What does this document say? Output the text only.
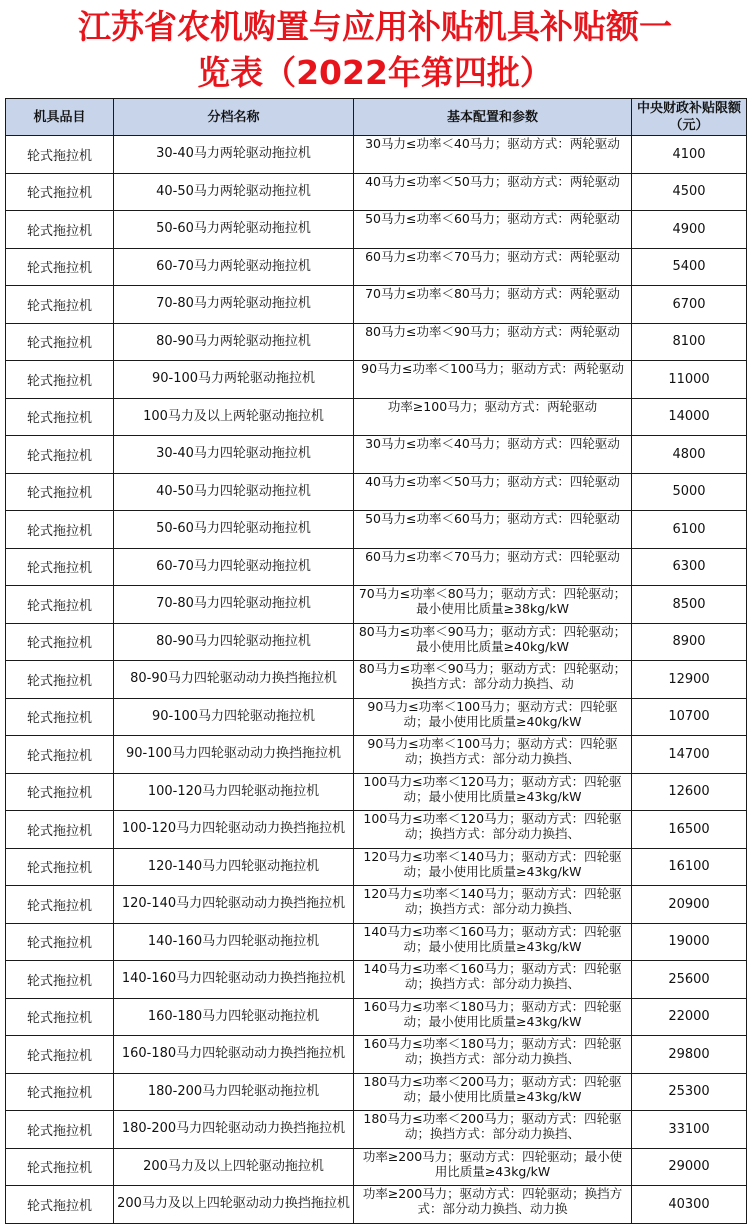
江苏省农机购置与应用补贴机具补贴额一
览表（2022年第四批）
机具品目	分档名称	基本配置和参数	中央财政补贴限额（元）
轮式拖拉机	30-40马力两轮驱动拖拉机	30马力≤功率＜40马力；驱动方式：两轮驱动	4100
轮式拖拉机	40-50马力两轮驱动拖拉机	40马力≤功率＜50马力；驱动方式：两轮驱动	4500
轮式拖拉机	50-60马力两轮驱动拖拉机	50马力≤功率＜60马力；驱动方式：两轮驱动	4900
轮式拖拉机	60-70马力两轮驱动拖拉机	60马力≤功率＜70马力；驱动方式：两轮驱动	5400
轮式拖拉机	70-80马力两轮驱动拖拉机	70马力≤功率＜80马力；驱动方式：两轮驱动	6700
轮式拖拉机	80-90马力两轮驱动拖拉机	80马力≤功率＜90马力；驱动方式：两轮驱动	8100
轮式拖拉机	90-100马力两轮驱动拖拉机	90马力≤功率＜100马力；驱动方式：两轮驱动	11000
轮式拖拉机	100马力及以上两轮驱动拖拉机	功率≥100马力；驱动方式：两轮驱动	14000
轮式拖拉机	30-40马力四轮驱动拖拉机	30马力≤功率＜40马力；驱动方式：四轮驱动	4800
轮式拖拉机	40-50马力四轮驱动拖拉机	40马力≤功率＜50马力；驱动方式：四轮驱动	5000
轮式拖拉机	50-60马力四轮驱动拖拉机	50马力≤功率＜60马力；驱动方式：四轮驱动	6100
轮式拖拉机	60-70马力四轮驱动拖拉机	60马力≤功率＜70马力；驱动方式：四轮驱动	6300
轮式拖拉机	70-80马力四轮驱动拖拉机	70马力≤功率＜80马力；驱动方式：四轮驱动；最小使用比质量≥38kg/kW	8500
轮式拖拉机	80-90马力四轮驱动拖拉机	80马力≤功率＜90马力；驱动方式：四轮驱动；最小使用比质量≥40kg/kW	8900
轮式拖拉机	80-90马力四轮驱动动力换挡拖拉机	80马力≤功率＜90马力；驱动方式：四轮驱动；换挡方式：部分动力换挡、动	12900
轮式拖拉机	90-100马力四轮驱动拖拉机	90马力≤功率＜100马力；驱动方式：四轮驱动；最小使用比质量≥40kg/kW	10700
轮式拖拉机	90-100马力四轮驱动动力换挡拖拉机	90马力≤功率＜100马力；驱动方式：四轮驱动；换挡方式：部分动力换挡、	14700
轮式拖拉机	100-120马力四轮驱动拖拉机	100马力≤功率＜120马力；驱动方式：四轮驱动；最小使用比质量≥43kg/kW	12600
轮式拖拉机	100-120马力四轮驱动动力换挡拖拉机	100马力≤功率＜120马力；驱动方式：四轮驱动；换挡方式：部分动力换挡、	16500
轮式拖拉机	120-140马力四轮驱动拖拉机	120马力≤功率＜140马力；驱动方式：四轮驱动；最小使用比质量≥43kg/kW	16100
轮式拖拉机	120-140马力四轮驱动动力换挡拖拉机	120马力≤功率＜140马力；驱动方式：四轮驱动；换挡方式：部分动力换挡、	20900
轮式拖拉机	140-160马力四轮驱动拖拉机	140马力≤功率＜160马力；驱动方式：四轮驱动；最小使用比质量≥43kg/kW	19000
轮式拖拉机	140-160马力四轮驱动动力换挡拖拉机	140马力≤功率＜160马力；驱动方式：四轮驱动；换挡方式：部分动力换挡、	25600
轮式拖拉机	160-180马力四轮驱动拖拉机	160马力≤功率＜180马力；驱动方式：四轮驱动；最小使用比质量≥43kg/kW	22000
轮式拖拉机	160-180马力四轮驱动动力换挡拖拉机	160马力≤功率＜180马力；驱动方式：四轮驱动；换挡方式：部分动力换挡、	29800
轮式拖拉机	180-200马力四轮驱动拖拉机	180马力≤功率＜200马力；驱动方式：四轮驱动；最小使用比质量≥43kg/kW	25300
轮式拖拉机	180-200马力四轮驱动动力换挡拖拉机	180马力≤功率＜200马力；驱动方式：四轮驱动；换挡方式：部分动力换挡、	33100
轮式拖拉机	200马力及以上四轮驱动拖拉机	功率≥200马力；驱动方式：四轮驱动；最小使用比质量≥43kg/kW	29000
轮式拖拉机	200马力及以上四轮驱动动力换挡拖拉机	功率≥200马力；驱动方式：四轮驱动；换挡方式：部分动力换挡、动力换	40300
